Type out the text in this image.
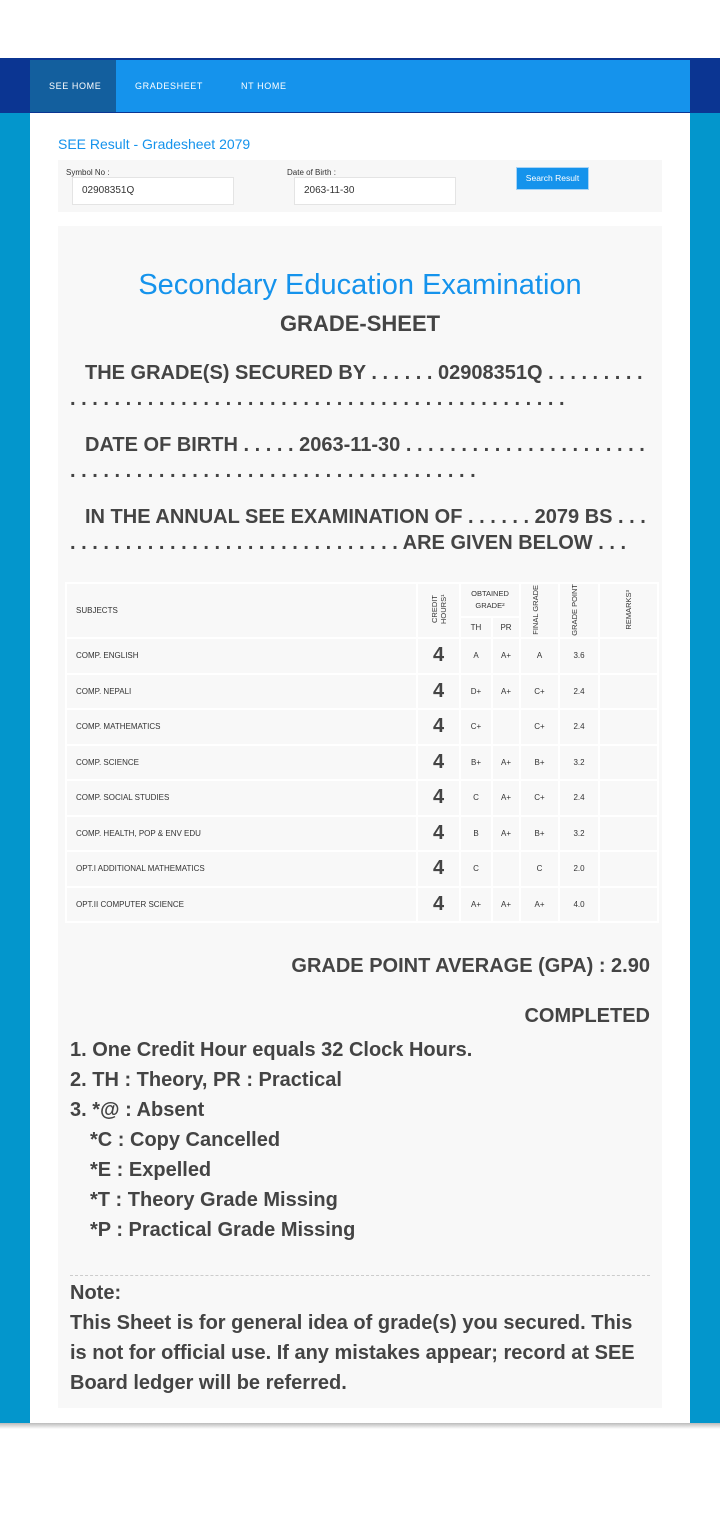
SEE HOME	GRADESHEET	NT HOME
SEE Result - Gradesheet 2079
Symbol No :
02908351Q
Date of Birth :
2063-11-30
Search Result
Secondary Education Examination
GRADE-SHEET
THE GRADE(S) SECURED BY . . . . . . 02908351Q . . . . . . . . . . . . . . . . . . . . . . . . . . . . . . . . . . . . . . . . . . . . . . . . . . . . . .
DATE OF BIRTH . . . . . 2063-11-30 . . . . . . . . . . . . . . . . . . . . . . . . . . . . . . . . . . . . . . . . . . . . . . . . . . . . . . . . . . .
IN THE ANNUAL SEE EXAMINATION OF . . . . . . 2079 BS . . . . . . . . . . . . . . . . . . . . . . . . . . . . . . . . . ARE GIVEN BELOW . . .
SUBJECTS	CREDIT HOURS¹	OBTAINED GRADE²		FINAL GRADE	GRADE POINT	REMARKS³
		TH	PR			
COMP. ENGLISH	4	A	A+	A	3.6	
COMP. NEPALI	4	D+	A+	C+	2.4	
COMP. MATHEMATICS	4	C+		C+	2.4	
COMP. SCIENCE	4	B+	A+	B+	3.2	
COMP. SOCIAL STUDIES	4	C	A+	C+	2.4	
COMP. HEALTH, POP & ENV EDU	4	B	A+	B+	3.2	
OPT.I ADDITIONAL MATHEMATICS	4	C		C	2.0	
OPT.II COMPUTER SCIENCE	4	A+	A+	A+	4.0	
GRADE POINT AVERAGE (GPA) : 2.90
COMPLETED
1. One Credit Hour equals 32 Clock Hours.
2. TH : Theory, PR : Practical
3. *@ : Absent
*C : Copy Cancelled
*E : Expelled
*T : Theory Grade Missing
*P : Practical Grade Missing
Note:
This Sheet is for general idea of grade(s) you secured. This is not for official use. If any mistakes appear; record at SEE Board ledger will be referred.
